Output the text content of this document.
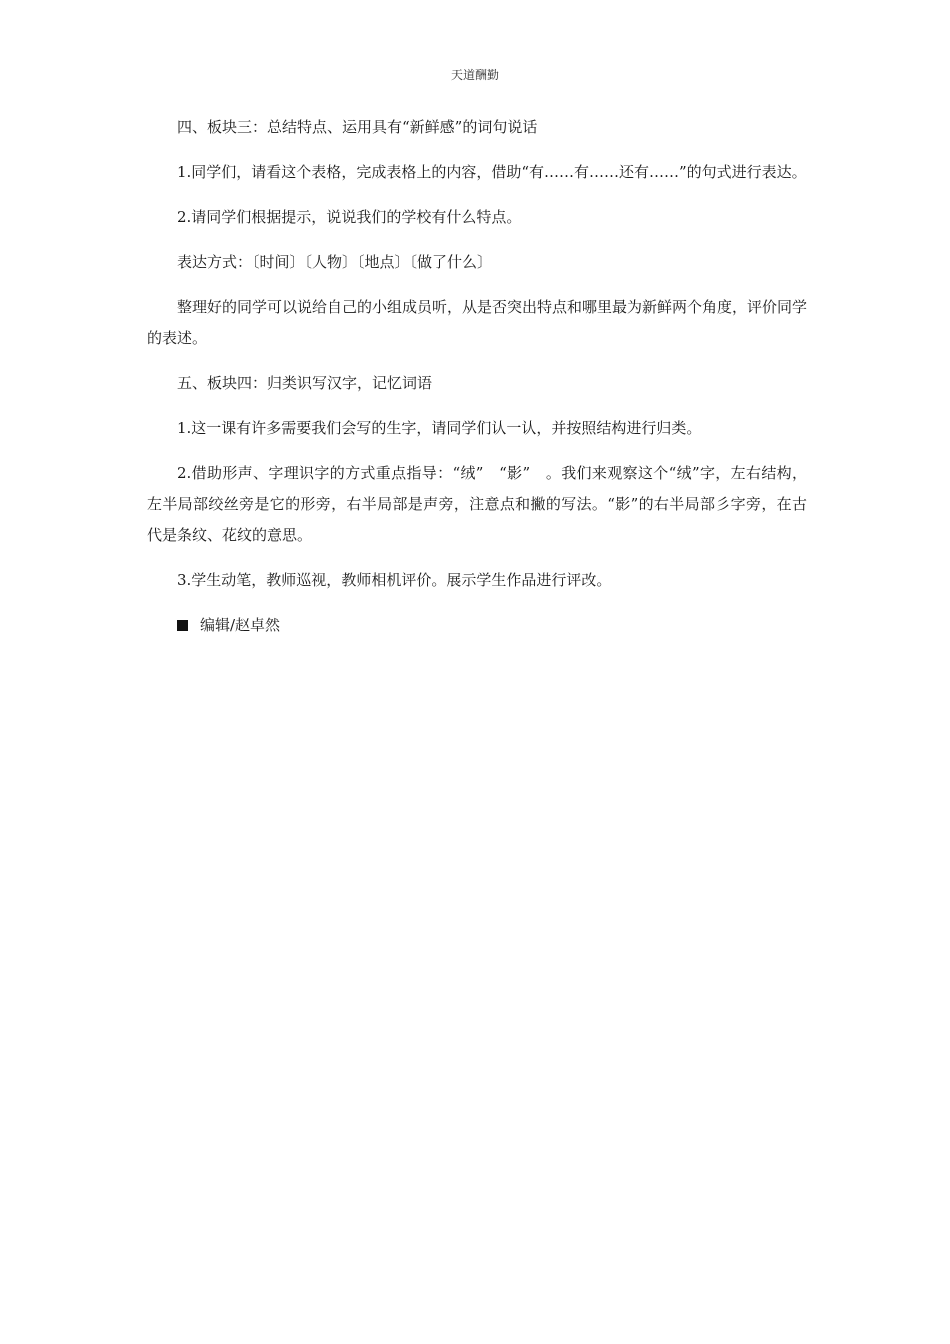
天道酬勤

四、板块三：总结特点、运用具有“新鲜感”的词句说话

1.同学们，请看这个表格，完成表格上的内容，借助“有……有……还有……”的句式进行表达。

2.请同学们根据提示，说说我们的学校有什么特点。

表达方式：〔时间〕〔人物〕〔地点〕〔做了什么〕

整理好的同学可以说给自己的小组成员听，从是否突出特点和哪里最为新鲜两个角度，评价同学的表述。

五、板块四：归类识写汉字，记忆词语

1.这一课有许多需要我们会写的生字，请同学们认一认，并按照结构进行归类。

2.借助形声、字理识字的方式重点指导：“绒”　“影”　。我们来观察这个“绒”字，左右结构，左半局部绞丝旁是它的形旁，右半局部是声旁，注意点和撇的写法。“影”的右半局部彡字旁，在古代是条纹、花纹的意思。

3.学生动笔，教师巡视，教师相机评价。展示学生作品进行评改。

编辑/赵卓然
